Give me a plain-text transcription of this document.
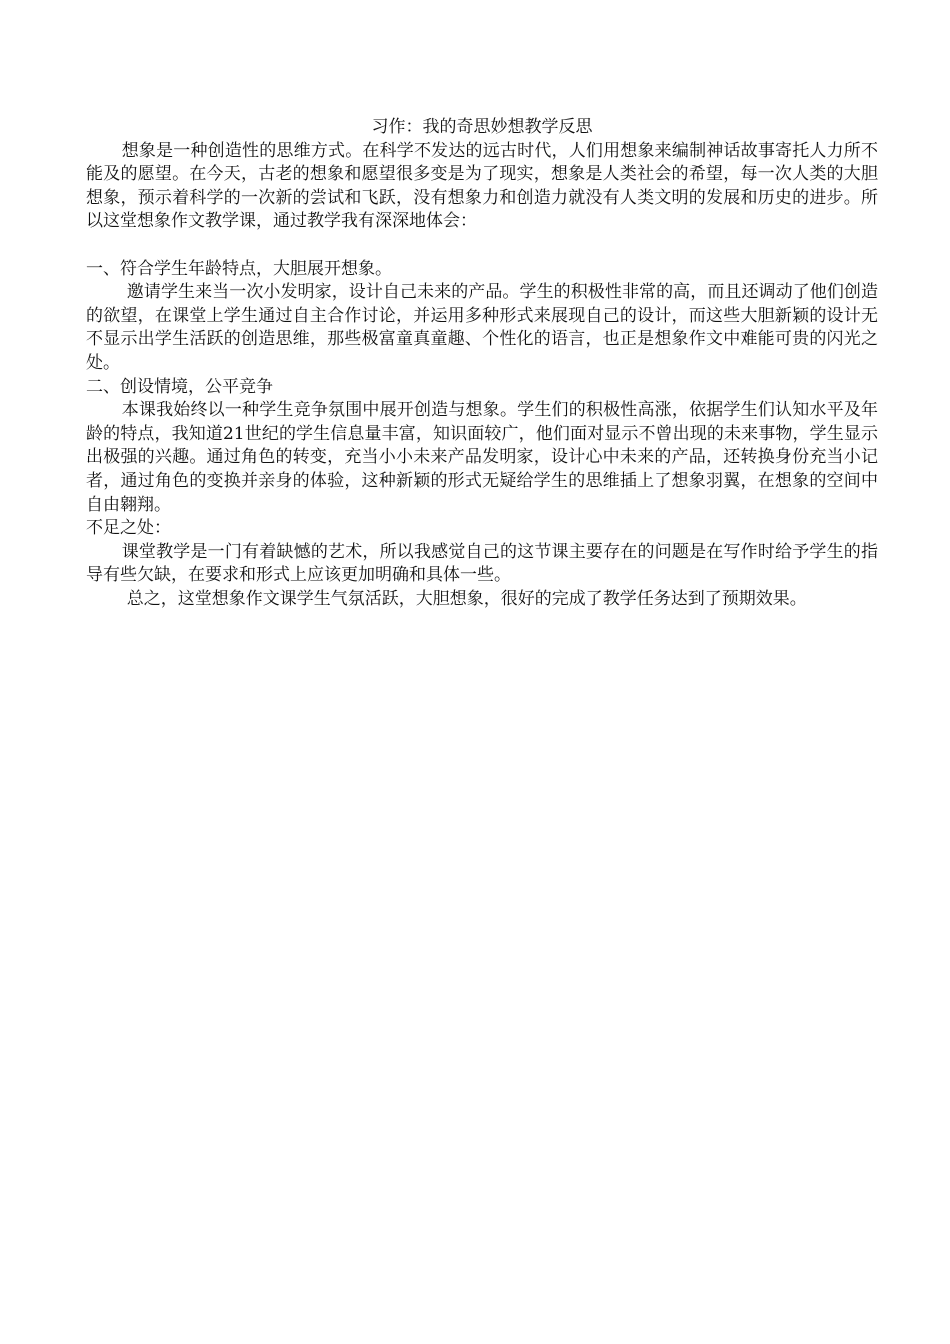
习作：我的奇思妙想教学反思

想象是一种创造性的思维方式。在科学不发达的远古时代，人们用想象来编制神话故事寄托人力所不能及的愿望。在今天，古老的想象和愿望很多变是为了现实，想象是人类社会的希望，每一次人类的大胆想象，预示着科学的一次新的尝试和飞跃，没有想象力和创造力就没有人类文明的发展和历史的进步。所以这堂想象作文教学课，通过教学我有深深地体会：

一、符合学生年龄特点，大胆展开想象。

邀请学生来当一次小发明家，设计自己未来的产品。学生的积极性非常的高，而且还调动了他们创造的欲望，在课堂上学生通过自主合作讨论，并运用多种形式来展现自己的设计，而这些大胆新颖的设计无不显示出学生活跃的创造思维，那些极富童真童趣、个性化的语言，也正是想象作文中难能可贵的闪光之处。

二、创设情境，公平竞争

本课我始终以一种学生竞争氛围中展开创造与想象。学生们的积极性高涨，依据学生们认知水平及年龄的特点，我知道21世纪的学生信息量丰富，知识面较广，他们面对显示不曾出现的未来事物，学生显示出极强的兴趣。通过角色的转变，充当小小未来产品发明家，设计心中未来的产品，还转换身份充当小记者，通过角色的变换并亲身的体验，这种新颖的形式无疑给学生的思维插上了想象羽翼，在想象的空间中自由翱翔。

不足之处：

课堂教学是一门有着缺憾的艺术，所以我感觉自己的这节课主要存在的问题是在写作时给予学生的指导有些欠缺，在要求和形式上应该更加明确和具体一些。

总之，这堂想象作文课学生气氛活跃，大胆想象，很好的完成了教学任务达到了预期效果。
